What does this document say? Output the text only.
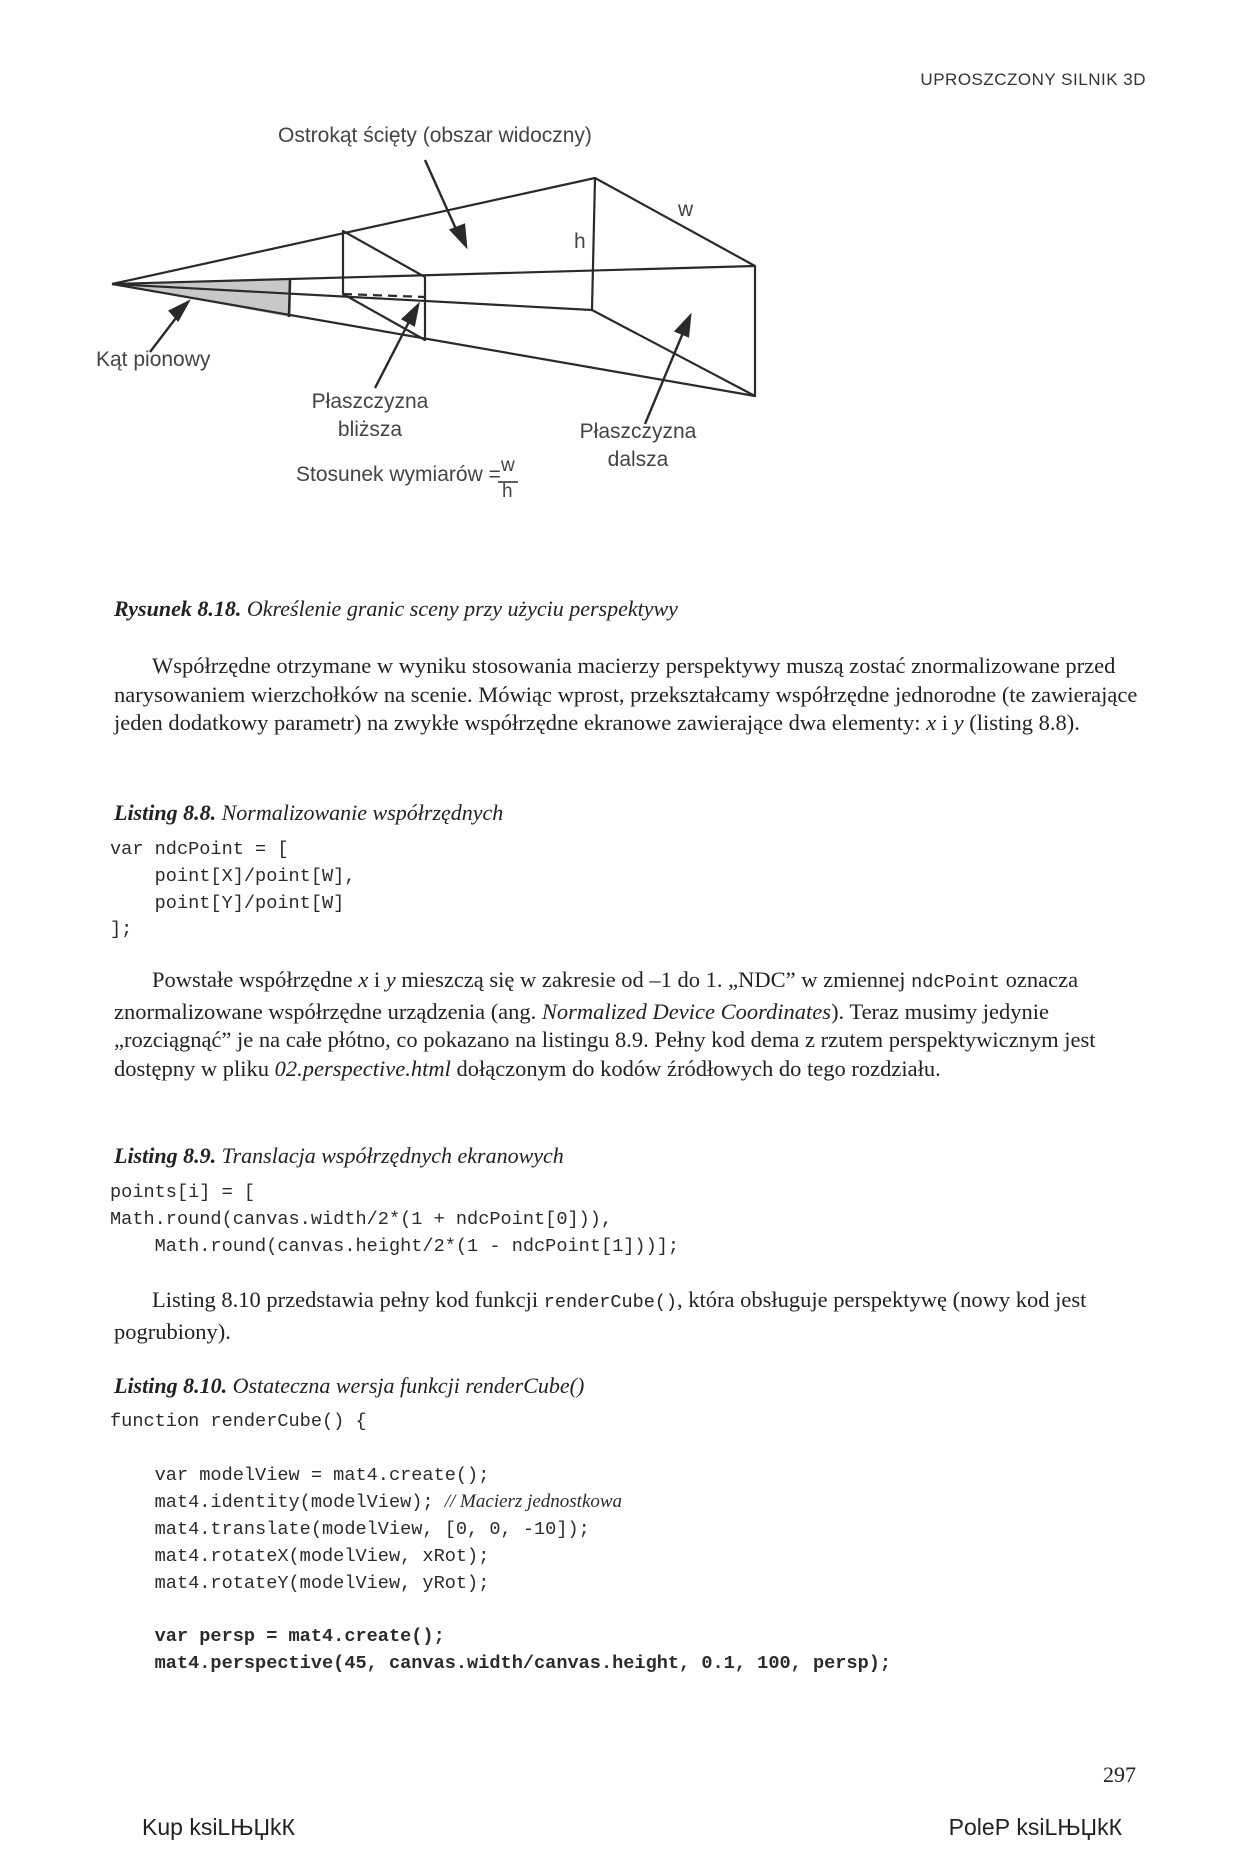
UPROSZCZONY SILNIK 3D
Ostrokąt ścięty (obszar widoczny)
w
h
Kąt pionowy
Płaszczyzna
bliższa	Płaszczyzna
dalsza
Stosunek wymiarów = w
h
Rysunek 8.18. Określenie granic sceny przy użyciu perspektywy
Współrzędne otrzymane w wyniku stosowania macierzy perspektywy muszą zostać znormalizowane przed narysowaniem wierzchołków na scenie. Mówiąc wprost, przekształcamy współrzędne jednorodne (te zawierające jeden dodatkowy parametr) na zwykłe współrzędne ekranowe zawierające dwa elementy: x i y (listing 8.8).
Listing 8.8. Normalizowanie współrzędnych
var ndcPoint = [
point[X]/point[W],
point[Y]/point[W]
];
Powstałe współrzędne x i y mieszczą się w zakresie od –1 do 1. „NDC” w zmiennej ndcPoint oznacza znormalizowane współrzędne urządzenia (ang. Normalized Device Coordinates). Teraz musimy jedynie „rozciągnąć” je na całe płótno, co pokazano na listingu 8.9. Pełny kod dema z rzutem perspektywicznym jest dostępny w pliku 02.perspective.html dołączonym do kodów źródłowych do tego rozdziału.
Listing 8.9. Translacja współrzędnych ekranowych
points[i] = [
Math.round(canvas.width/2*(1 + ndcPoint[0])),
Math.round(canvas.height/2*(1 - ndcPoint[1]))];
Listing 8.10 przedstawia pełny kod funkcji renderCube(), która obsługuje perspektywę (nowy kod jest pogrubiony).
Listing 8.10. Ostateczna wersja funkcji renderCube()
function renderCube() {

var modelView = mat4.create();
mat4.identity(modelView); // Macierz jednostkowa
mat4.translate(modelView, [0, 0, -10]);
mat4.rotateX(modelView, xRot);
mat4.rotateY(modelView, yRot);

var persp = mat4.create();
mat4.perspective(45, canvas.width/canvas.height, 0.1, 100, persp);
297
Kup ksiLЊЏkК	PoleР ksiLЊЏkК
